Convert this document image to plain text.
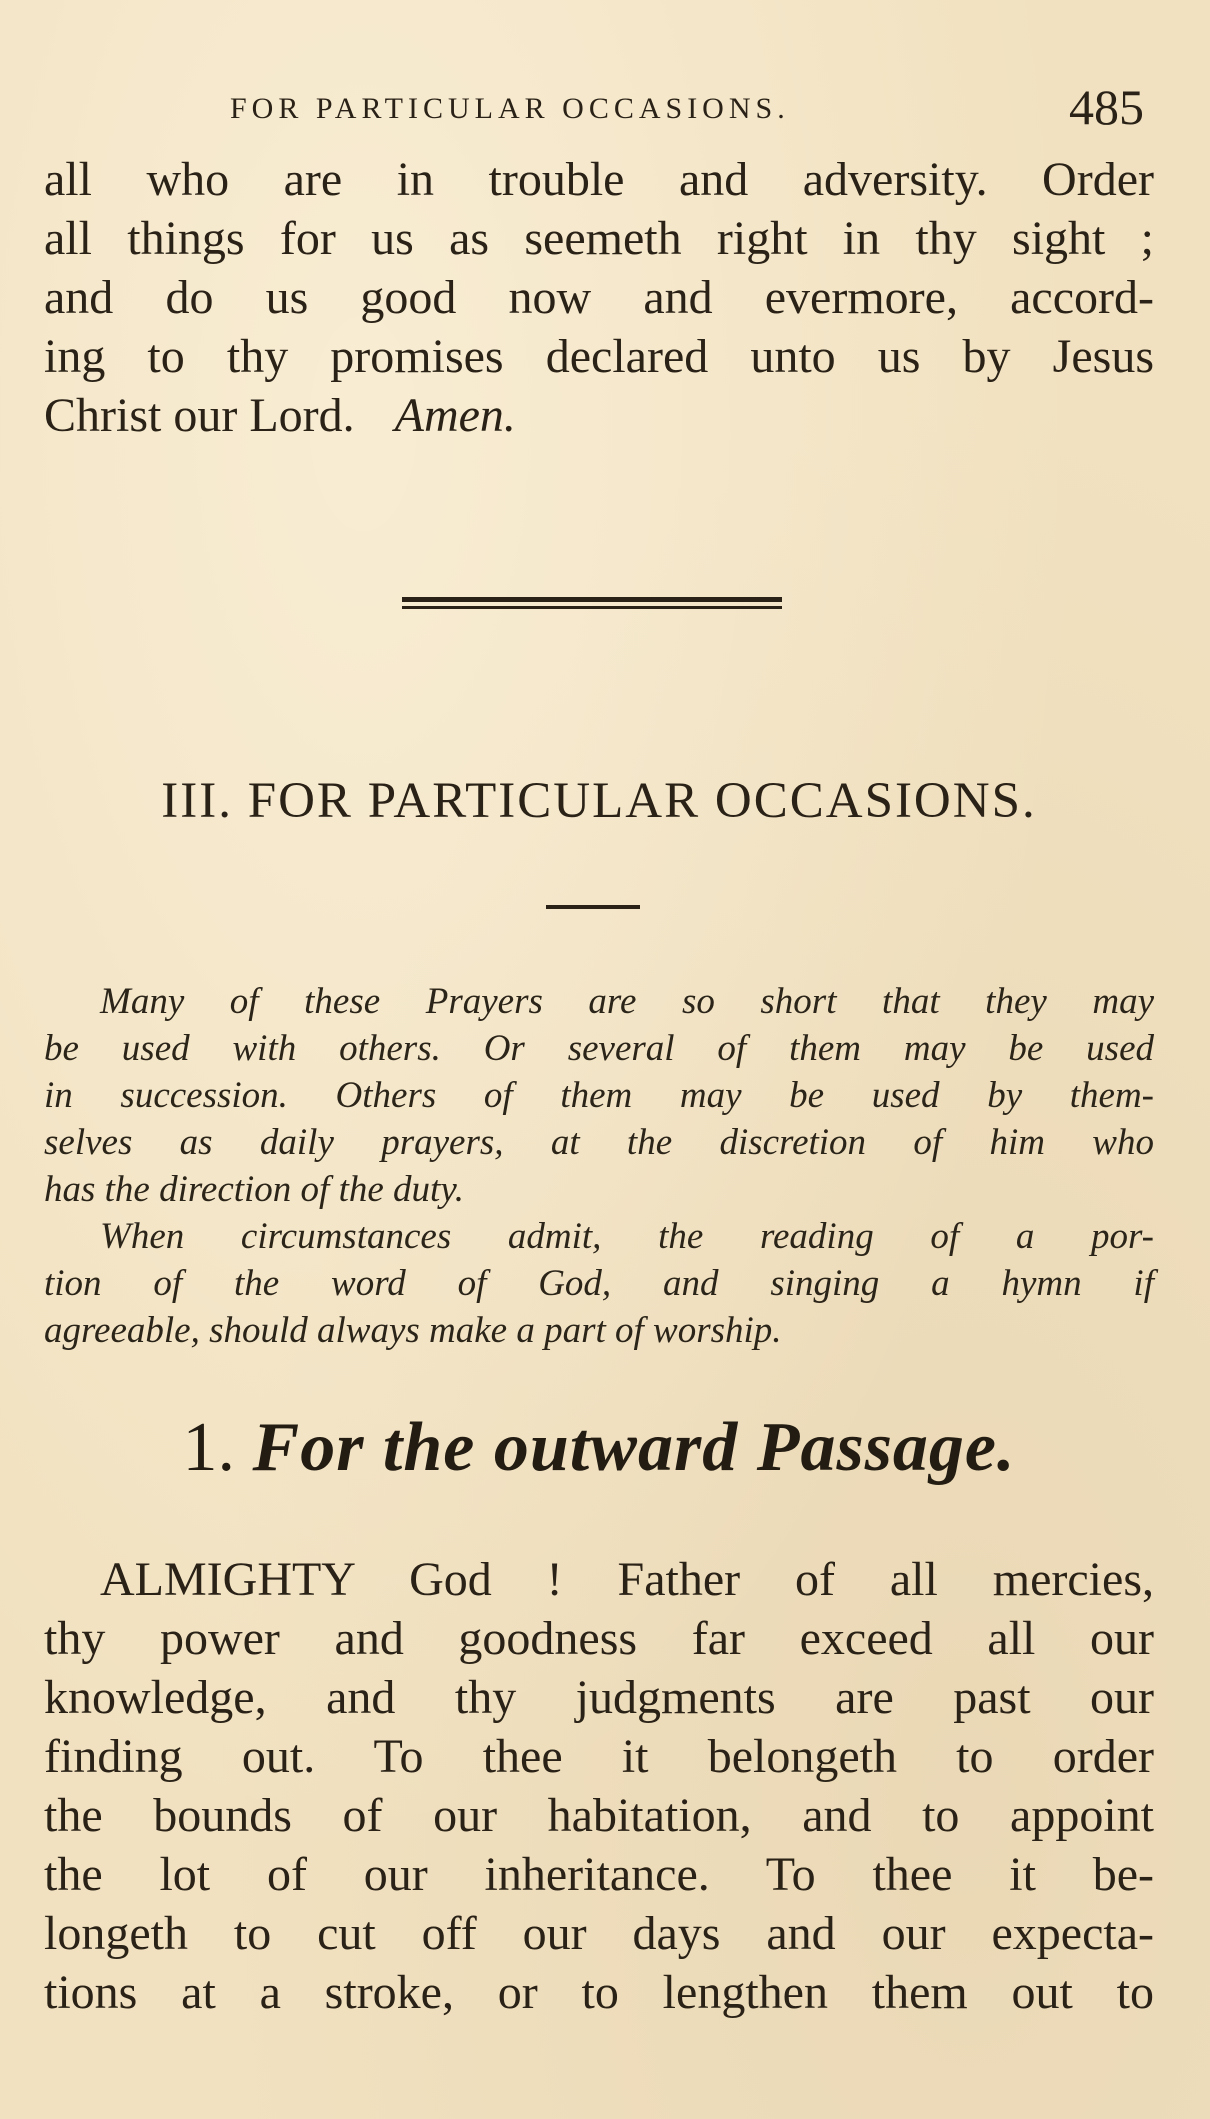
FOR PARTICULAR OCCASIONS.	485
all who are in trouble and adversity. Order
all things for us as seemeth right in thy sight ;
and do us good now and evermore, accord-
ing to thy promises declared unto us by Jesus
Christ our Lord. Amen.
III. FOR PARTICULAR OCCASIONS.
Many of these Prayers are so short that they may
be used with others. Or several of them may be used
in succession. Others of them may be used by them-
selves as daily prayers, at the discretion of him who
has the direction of the duty.
When circumstances admit, the reading of a por-
tion of the word of God, and singing a hymn if
agreeable, should always make a part of worship.
1. For the outward Passage.
ALMIGHTY God ! Father of all mercies,
thy power and goodness far exceed all our
knowledge, and thy judgments are past our
finding out. To thee it belongeth to order
the bounds of our habitation, and to appoint
the lot of our inheritance. To thee it be-
longeth to cut off our days and our expecta-
tions at a stroke, or to lengthen them out to
